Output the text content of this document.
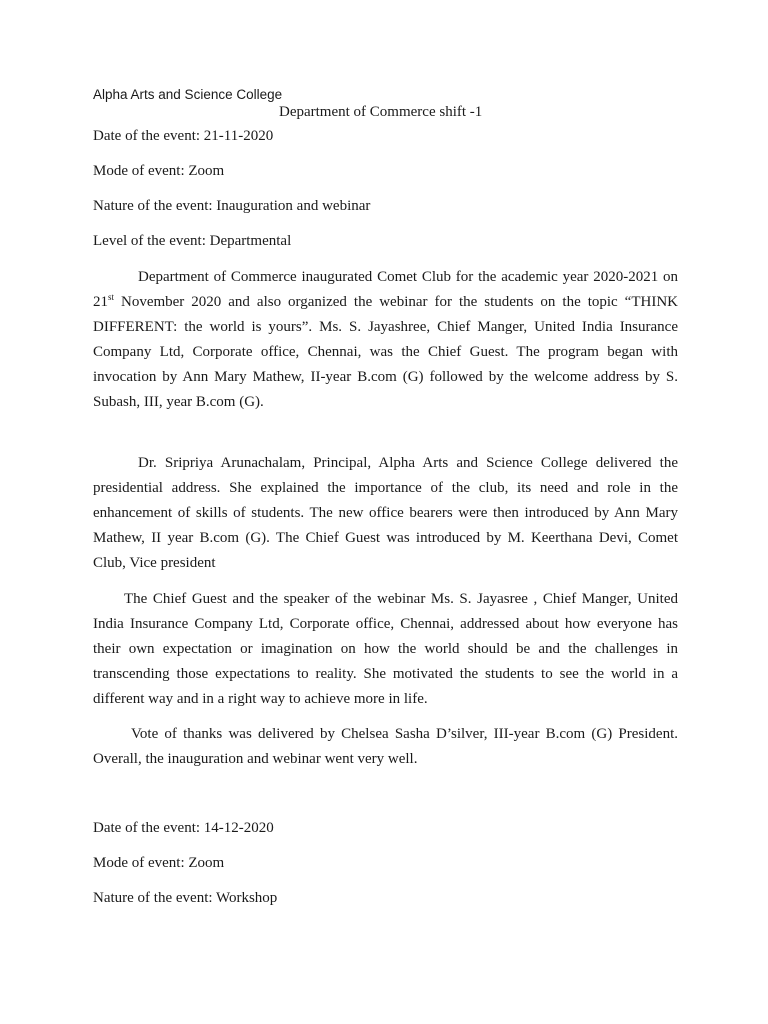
Alpha Arts and Science College

Department of Commerce shift -1

Date of the event: 21-11-2020

Mode of event: Zoom

Nature of the event: Inauguration and webinar

Level of the event: Departmental

Department of Commerce inaugurated Comet Club for the academic year 2020-2021 on 21st November 2020 and also organized the webinar for the students on the topic “THINK DIFFERENT: the world is yours”. Ms. S. Jayashree, Chief Manger, United India Insurance Company Ltd, Corporate office, Chennai, was the Chief Guest. The program began with invocation by Ann Mary Mathew, II-year B.com (G) followed by the welcome address by S. Subash, III, year B.com (G).

Dr. Sripriya Arunachalam, Principal, Alpha Arts and Science College delivered the presidential address. She explained the importance of the club, its need and role in the enhancement of skills of students. The new office bearers were then introduced by Ann Mary Mathew, II year B.com (G). The Chief Guest was introduced by M. Keerthana Devi, Comet Club, Vice president

The Chief Guest and the speaker of the webinar Ms. S. Jayasree , Chief Manger, United India Insurance Company Ltd, Corporate office, Chennai, addressed about how everyone has their own expectation or imagination on how the world should be and the challenges in transcending those expectations to reality. She motivated the students to see the world in a different way and in a right way to achieve more in life.

Vote of thanks was delivered by Chelsea Sasha D’silver, III-year B.com (G) President. Overall, the inauguration and webinar went very well.

Date of the event: 14-12-2020

Mode of event: Zoom

Nature of the event: Workshop
